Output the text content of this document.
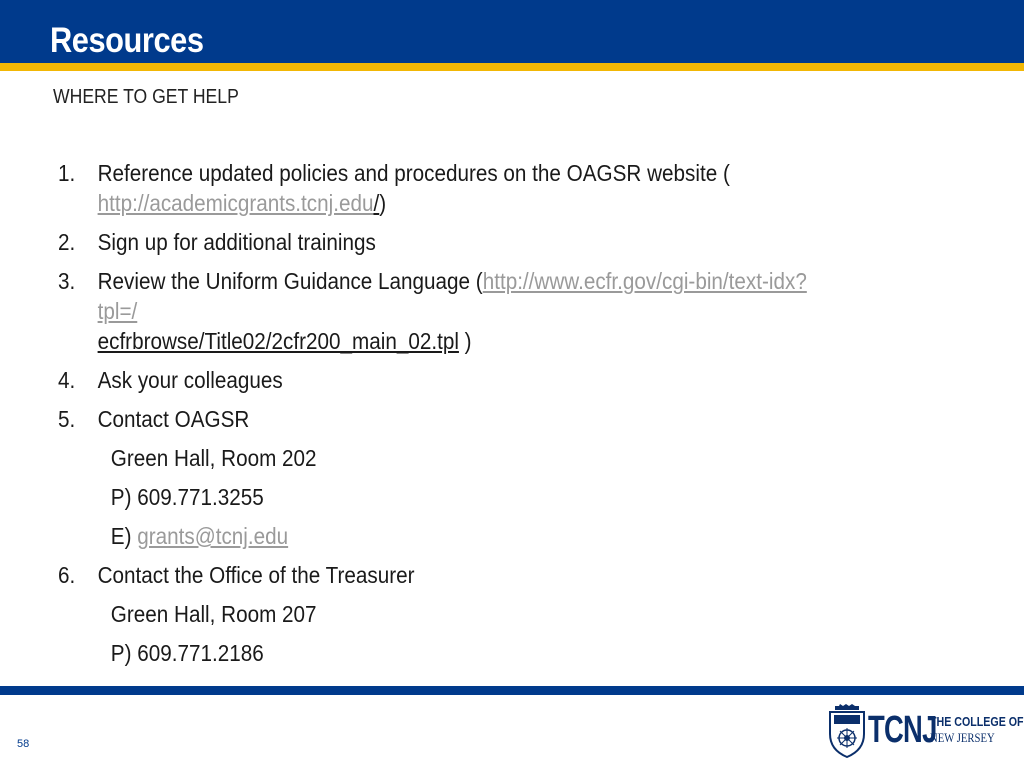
Resources

WHERE TO GET HELP

1. Reference updated policies and procedures on the OAGSR website (
http://academicgrants.tcnj.edu/)
2. Sign up for additional trainings
3. Review the Uniform Guidance Language (http://www.ecfr.gov/cgi-bin/text-idx?tpl=/
ecfrbrowse/Title02/2cfr200_main_02.tpl )
4. Ask your colleagues
5. Contact OAGSR
Green Hall, Room 202
P) 609.771.3255
E) grants@tcnj.edu
6. Contact the Office of the Treasurer
Green Hall, Room 207
P) 609.771.2186
58	TCNJ
THE COLLEGE OF
NEW JERSEY
